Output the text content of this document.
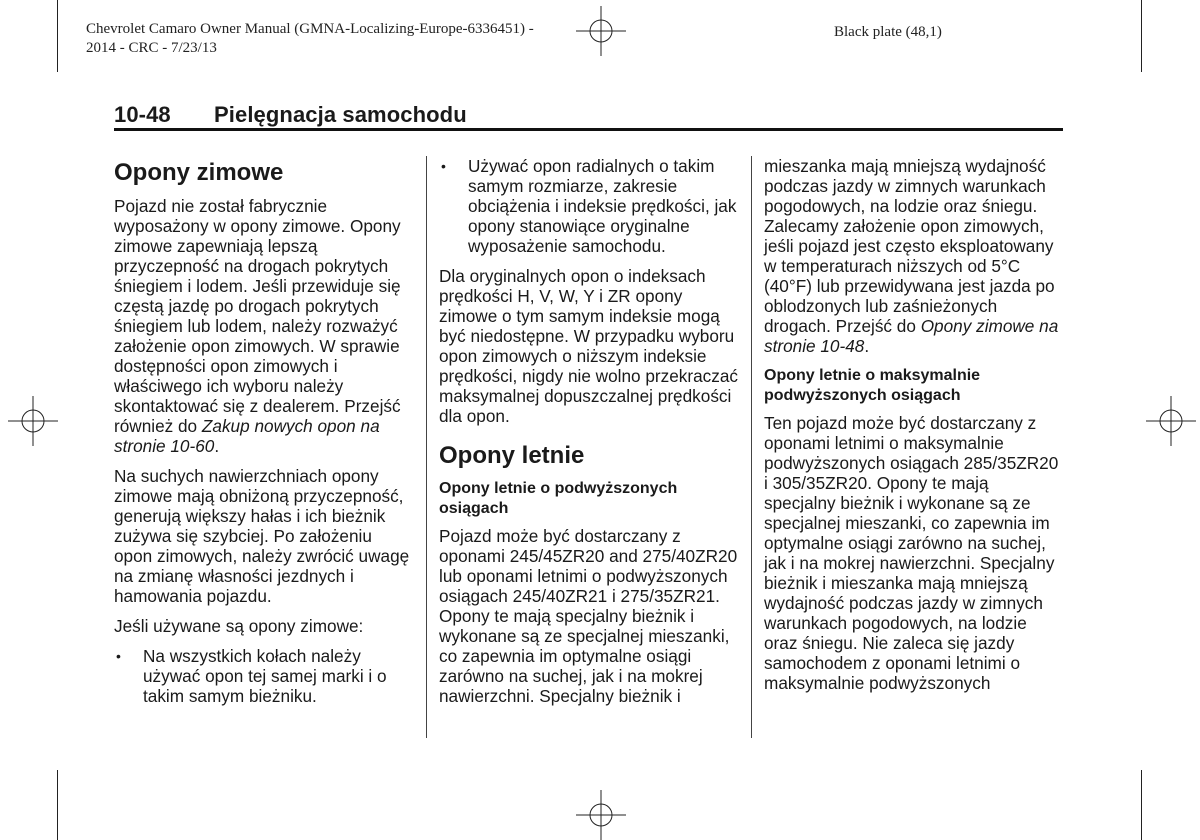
Chevrolet Camaro Owner Manual (GMNA-Localizing-Europe-6336451) -
2014 - CRC - 7/23/13
Black plate (48,1)
10-48 Pielęgnacja samochodu
Opony zimowe

Pojazd nie został fabrycznie wyposażony w opony zimowe. Opony zimowe zapewniają lepszą przyczepność na drogach pokrytych śniegiem i lodem. Jeśli przewiduje się częstą jazdę po drogach pokrytych śniegiem lub lodem, należy rozważyć założenie opon zimowych. W sprawie dostępności opon zimowych i właściwego ich wyboru należy skontaktować się z dealerem. Przejść również do Zakup nowych opon na stronie 10-60.

Na suchych nawierzchniach opony zimowe mają obniżoną przyczepność, generują większy hałas i ich bieżnik zużywa się szybciej. Po założeniu opon zimowych, należy zwrócić uwagę na zmianę własności jezdnych i hamowania pojazdu.

Jeśli używane są opony zimowe:

• Na wszystkich kołach należy używać opon tej samej marki i o takim samym bieżniku.
• Używać opon radialnych o takim samym rozmiarze, zakresie obciążenia i indeksie prędkości, jak opony stanowiące oryginalne wyposażenie samochodu.

Dla oryginalnych opon o indeksach prędkości H, V, W, Y i ZR opony zimowe o tym samym indeksie mogą być niedostępne. W przypadku wyboru opon zimowych o niższym indeksie prędkości, nigdy nie wolno przekraczać maksymalnej dopuszczalnej prędkości dla opon.

Opony letnie
Opony letnie o podwyższonych osiągach

Pojazd może być dostarczany z oponami 245/45ZR20 and 275/40ZR20 lub oponami letnimi o podwyższonych osiągach 245/40ZR21 i 275/35ZR21. Opony te mają specjalny bieżnik i wykonane są ze specjalnej mieszanki, co zapewnia im optymalne osiągi zarówno na suchej, jak i na mokrej nawierzchni. Specjalny bieżnik i

mieszanka mają mniejszą wydajność podczas jazdy w zimnych warunkach pogodowych, na lodzie oraz śniegu. Zalecamy założenie opon zimowych, jeśli pojazd jest często eksploatowany w temperaturach niższych od 5°C (40°F) lub przewidywana jest jazda po oblodzonych lub zaśnieżonych drogach. Przejść do Opony zimowe na stronie 10-48.

Opony letnie o maksymalnie podwyższonych osiągach

Ten pojazd może być dostarczany z oponami letnimi o maksymalnie podwyższonych osiągach 285/35ZR20 i 305/35ZR20. Opony te mają specjalny bieżnik i wykonane są ze specjalnej mieszanki, co zapewnia im optymalne osiągi zarówno na suchej, jak i na mokrej nawierzchni. Specjalny bieżnik i mieszanka mają mniejszą wydajność podczas jazdy w zimnych warunkach pogodowych, na lodzie oraz śniegu. Nie zaleca się jazdy samochodem z oponami letnimi o maksymalnie podwyższonych
